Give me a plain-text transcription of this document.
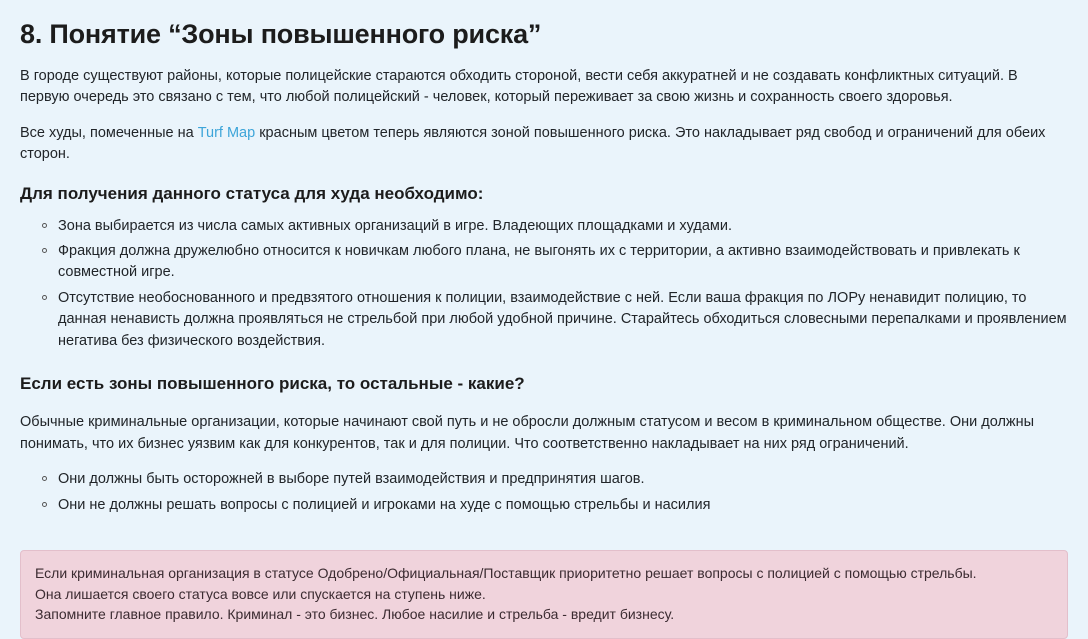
8. Понятие “Зоны повышенного риска”

В городе существуют районы, которые полицейские стараются обходить стороной, вести себя аккуратней и не создавать конфликтных ситуаций. В первую очередь это связано с тем, что любой полицейский - человек, который переживает за свою жизнь и сохранность своего здоровья.

Все худы, помеченные на Turf Map красным цветом теперь являются зоной повышенного риска. Это накладывает ряд свобод и ограничений для обеих сторон.

Для получения данного статуса для худа необходимо:
Зона выбирается из числа самых активных организаций в игре. Владеющих площадками и худами.
Фракция должна дружелюбно относится к новичкам любого плана, не выгонять их с территории, а активно взаимодействовать и привлекать к совместной игре.
Отсутствие необоснованного и предвзятого отношения к полиции, взаимодействие с ней. Если ваша фракция по ЛОРу ненавидит полицию, то данная ненависть должна проявляться не стрельбой при любой удобной причине. Старайтесь обходиться словесными перепалками и проявлением негатива без физического воздействия.
Если есть зоны повышенного риска, то остальные - какие?

Обычные криминальные организации, которые начинают свой путь и не обросли должным статусом и весом в криминальном обществе. Они должны понимать, что их бизнес уязвим как для конкурентов, так и для полиции. Что соответственно накладывает на них ряд ограничений.

Они должны быть осторожней в выборе путей взаимодействия и предпринятия шагов.
Они не должны решать вопросы с полицией и игроками на худе с помощью стрельбы и насилия

Если криминальная организация в статусе Одобрено/Официальная/Поставщик приоритетно решает вопросы с полицией с помощью стрельбы.

Она лишается своего статуса вовсе или спускается на ступень ниже.

Запомните главное правило. Криминал - это бизнес. Любое насилие и стрельба - вредит бизнесу.
